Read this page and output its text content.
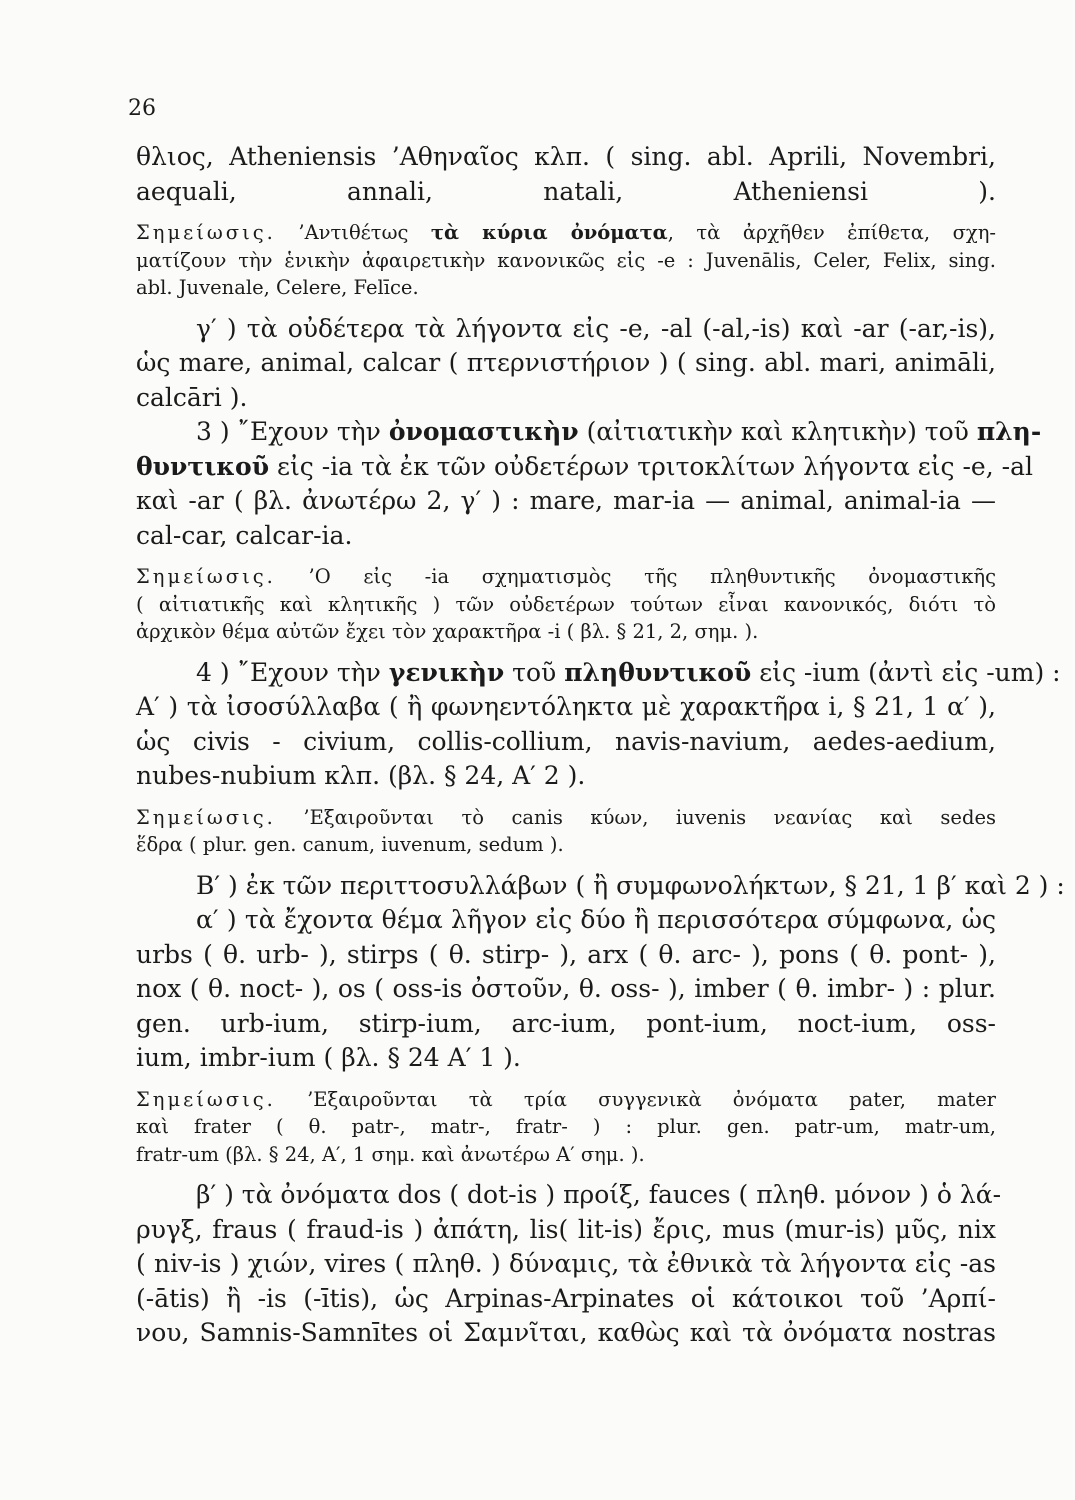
26
θλιος, Atheniensis ’Αθηναῖος κλπ. ( sing. abl. Aprili, Novembri,
aequali, annali, natali, Atheniensi ).
Σημείωσις. ’Αντιθέτως τὰ κύρια ὀνόματα, τὰ ἀρχῆθεν ἐπίθετα, σχη-
ματίζουν τὴν ἑνικὴν ἀφαιρετικὴν κανονικῶς εἰς -e : Juvenālis, Celer, Felix, sing.
abl. Juvenale, Celere, Felīce.
γ′ ) τὰ οὐδέτερα τὰ λήγοντα εἰς -e, -al (-al,-is) καὶ -ar (-ar,-is),
ὡς mare, animal, calcar ( πτερνιστήριον ) ( sing. abl. mari, animāli,
calcāri ).
3 ) ῎Εχουν τὴν ὀνομαστικὴν (αἰτιατικὴν καὶ κλητικὴν) τοῦ πλη-
θυντικοῦ εἰς -ia τὰ ἐκ τῶν οὐδετέρων τριτοκλίτων λήγοντα εἰς -e, -al
καὶ -ar ( βλ. ἀνωτέρω 2, γ′ ) : mare, mar-ia — animal, animal-ia —
cal-car, calcar-ia.
Σημείωσις. ’Ο εἰς -ia σχηματισμὸς τῆς πληθυντικῆς ὀνομαστικῆς
( αἰτιατικῆς καὶ κλητικῆς ) τῶν οὐδετέρων τούτων εἶναι κανονικός, διότι τὸ
ἀρχικὸν θέμα αὐτῶν ἔχει τὸν χαρακτῆρα -i ( βλ. § 21, 2, σημ. ).
4 ) ῎Εχουν τὴν γενικὴν τοῦ πληθυντικοῦ εἰς -ium (ἀντὶ εἰς -um) :
Α′ ) τὰ ἰσοσύλλαβα ( ἢ φωνηεντόληκτα μὲ χαρακτῆρα i, § 21, 1 α′ ),
ὡς civis - civium, collis-collium, navis-navium, aedes-aedium,
nubes-nubium κλπ. (βλ. § 24, Α′ 2 ).
Σημείωσις. ’Εξαιροῦνται τὸ canis κύων, iuvenis νεανίας καὶ sedes
ἕδρα ( plur. gen. canum, iuvenum, sedum ).
Β′ ) ἐκ τῶν περιττοσυλλάβων ( ἢ συμφωνολήκτων, § 21, 1 β′ καὶ 2 ) :
α′ ) τὰ ἔχοντα θέμα λῆγον εἰς δύο ἢ περισσότερα σύμφωνα, ὡς
urbs ( θ. urb- ), stirps ( θ. stirp- ), arx ( θ. arc- ), pons ( θ. pont- ),
nox ( θ. noct- ), os ( oss-is ὀστοῦν, θ. oss- ), imber ( θ. imbr- ) : plur.
gen. urb-ium, stirp-ium, arc-ium, pont-ium, noct-ium, oss-
ium, imbr-ium ( βλ. § 24 Α′ 1 ).
Σημείωσις. ’Εξαιροῦνται τὰ τρία συγγενικὰ ὀνόματα pater, mater
καὶ frater ( θ. patr-, matr-, fratr- ) : plur. gen. patr-um, matr-um,
fratr-um (βλ. § 24, Α′, 1 σημ. καὶ ἀνωτέρω Α′ σημ. ).
β′ ) τὰ ὀνόματα dos ( dot-is ) προίξ, fauces ( πληθ. μόνον ) ὁ λά-
ρυγξ, fraus ( fraud-is ) ἀπάτη, lis( lit-is) ἔρις, mus (mur-is) μῦς, nix
( niv-is ) χιών, vires ( πληθ. ) δύναμις, τὰ ἐθνικὰ τὰ λήγοντα εἰς -as
(-ātis) ἢ -is (-ītis), ὡς Arpinas-Arpinates οἱ κάτοικοι τοῦ ’Αρπί-
νου, Samnis-Samnītes οἱ Σαμνῖται, καθὼς καὶ τὰ ὀνόματα nostras
